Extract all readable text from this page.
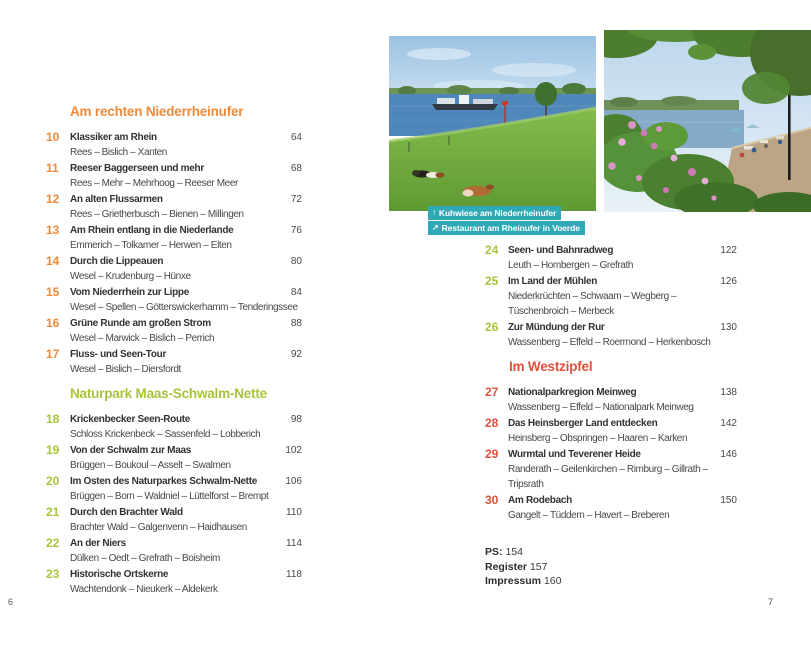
Am rechten Niederrheinufer
10	Klassiker am Rhein	64
Rees – Bislich – Xanten
11	Reeser Baggerseen und mehr	68
Rees – Mehr – Mehrhoog – Reeser Meer
12	An alten Flussarmen	72
Rees – Grietherbusch – Bienen – Millingen
13	Am Rhein entlang in die Niederlande	76
Emmerich – Tolkamer – Herwen – Elten
14	Durch die Lippeauen	80
Wesel – Krudenburg – Hünxe
15	Vom Niederrhein zur Lippe	84
Wesel – Spellen – Götterswickerhamm – Tenderingssee
16	Grüne Runde am großen Strom	88
Wesel – Marwick – Bislich – Perrich
17	Fluss- und Seen-Tour	92
Wesel – Bislich – Diersfordt
Naturpark Maas-Schwalm-Nette
18	Krickenbecker Seen-Route	98
Schloss Krickenbeck – Sassenfeld – Lobberich
19	Von der Schwalm zur Maas	102
Brüggen – Boukoul – Asselt – Swalmen
20	Im Osten des Naturparkes Schwalm-Nette	106
Brüggen – Born – Waldniel – Lüttelforst – Brempt
21	Durch den Brachter Wald	110
Brachter Wald – Galgenvenn – Haidhausen
22	An der Niers	114
Dülken – Oedt – Grefrath – Boisheim
23	Historische Ortskerne	118
Wachtendonk – Nieukerk – Aldekerk
↑ Kuhwiese am Niederrheinufer
↗ Restaurant am Rheinufer in Voerde
24 Seen- und Bahnradweg	122
Leuth – Hombergen – Grefrath
25 Im Land der Mühlen	126
Niederkrüchten – Schwaam – Wegberg – Tüschenbroich – Merbeck
26 Zur Mündung der Rur	130
Wassenberg – Effeld – Roermond – Herkenbosch
Im Westzipfel
27 Nationalparkregion Meinweg	138
Wassenberg – Effeld – Nationalpark Meinweg
28 Das Heinsberger Land entdecken	142
Heinsberg – Obspringen – Haaren – Karken
29 Wurmtal und Teverener Heide	146
Randerath – Geilenkirchen – Rimburg – Gillrath – Tripsrath
30 Am Rodebach	150
Gangelt – Tüddern – Havert – Breberen
PS: 154
Register 157
Impressum 160
6	7
